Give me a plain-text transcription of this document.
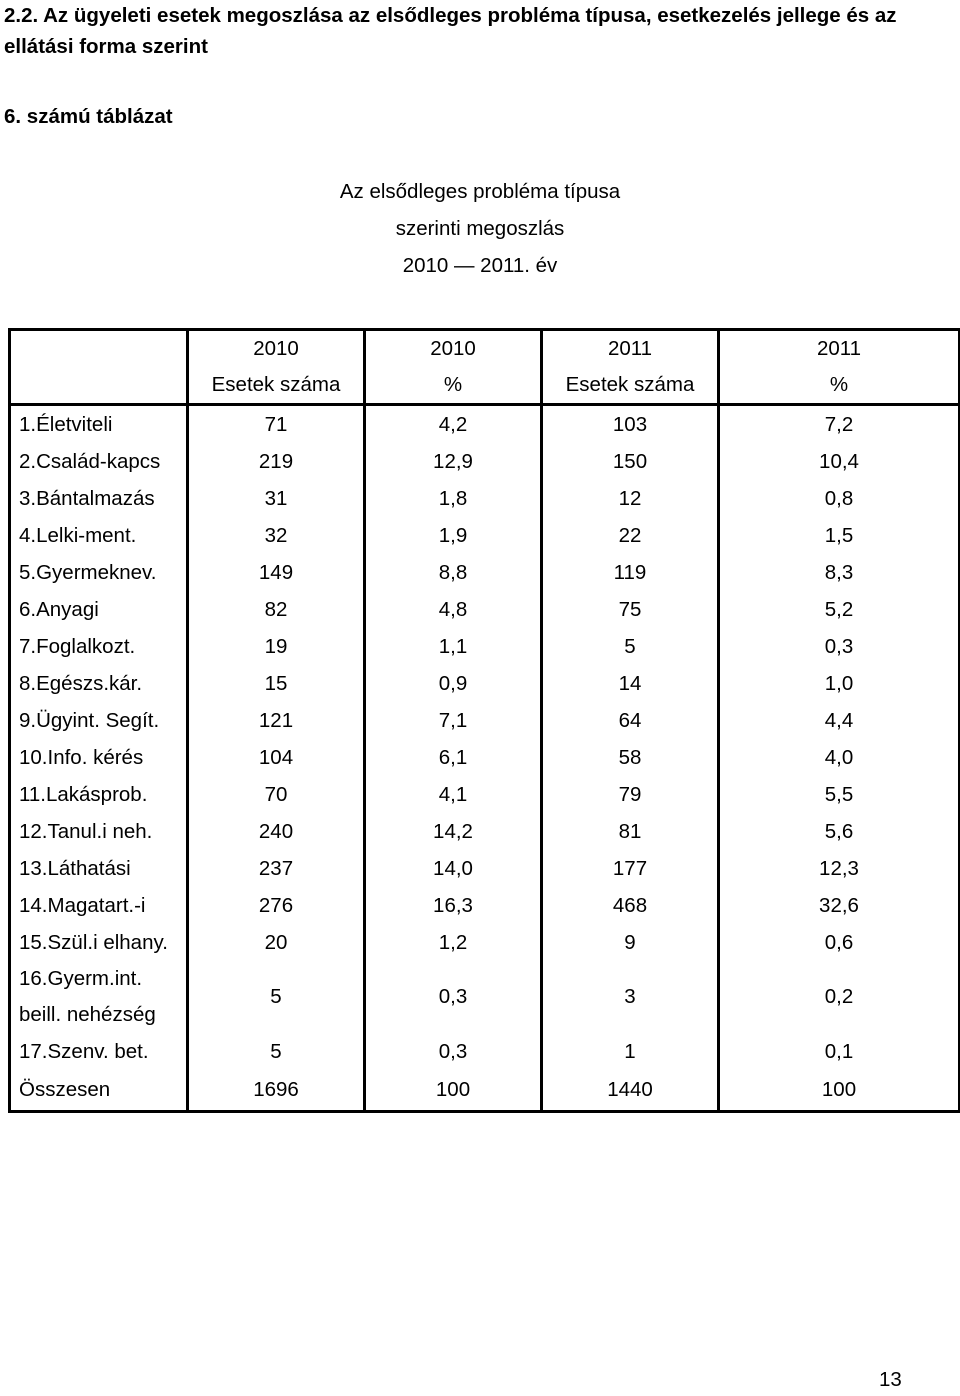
2.2. Az ügyeleti esetek megoszlása az elsődleges probléma típusa, esetkezelés jellege és az ellátási forma szerint
6. számú táblázat
Az elsődleges probléma típusa
szerinti megoszlás
2010 — 2011. év
	2010	2010	2011	2011
	Esetek száma	%	Esetek száma	%
1.Életviteli	71	4,2	103	7,2
2.Család-kapcs	219	12,9	150	10,4
3.Bántalmazás	31	1,8	12	0,8
4.Lelki-ment.	32	1,9	22	1,5
5.Gyermeknev.	149	8,8	119	8,3
6.Anyagi	82	4,8	75	5,2
7.Foglalkozt.	19	1,1	5	0,3
8.Egészs.kár.	15	0,9	14	1,0
9.Ügyint. Segít.	121	7,1	64	4,4
10.Info. kérés	104	6,1	58	4,0
11.Lakásprob.	70	4,1	79	5,5
12.Tanul.i neh.	240	14,2	81	5,6
13.Láthatási	237	14,0	177	12,3
14.Magatart.-i	276	16,3	468	32,6
15.Szül.i elhany.	20	1,2	9	0,6
16.Gyerm.int. beill. nehézség	5	0,3	3	0,2
17.Szenv. bet.	5	0,3	1	0,1
Összesen	1696	100	1440	100
13
